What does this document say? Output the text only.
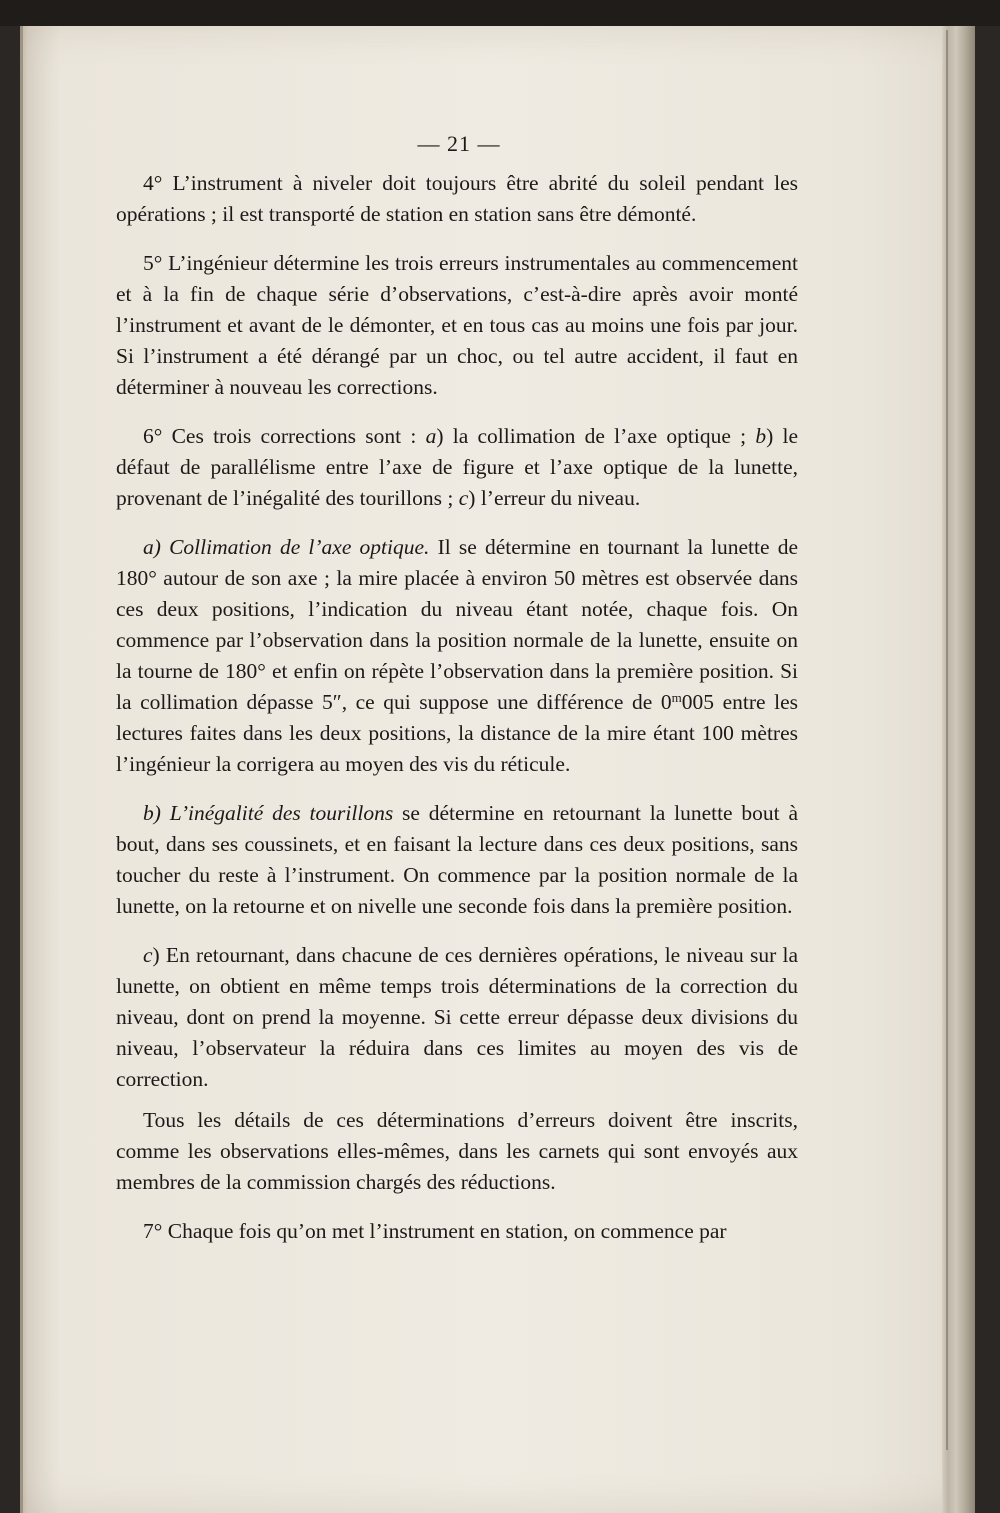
— 21 —

4° L’instrument à niveler doit toujours être abrité du soleil pendant les opérations ; il est transporté de station en station sans être démonté.

5° L’ingénieur détermine les trois erreurs instrumentales au commencement et à la fin de chaque série d’observations, c’est-à-dire après avoir monté l’instrument et avant de le démonter, et en tous cas au moins une fois par jour. Si l’instrument a été dérangé par un choc, ou tel autre accident, il faut en déterminer à nouveau les corrections.

6° Ces trois corrections sont : a) la collimation de l’axe optique ; b) le défaut de parallélisme entre l’axe de figure et l’axe optique de la lunette, provenant de l’inégalité des tourillons ; c) l’erreur du niveau.

a) Collimation de l’axe optique. Il se détermine en tournant la lunette de 180° autour de son axe ; la mire placée à environ 50 mètres est observée dans ces deux positions, l’indication du niveau étant notée, chaque fois. On commence par l’observation dans la position normale de la lunette, ensuite on la tourne de 180° et enfin on répète l’observation dans la première position. Si la collimation dépasse 5″, ce qui suppose une différence de 0$^m$005 entre les lectures faites dans les deux positions, la distance de la mire étant 100 mètres l’ingénieur la corrigera au moyen des vis du réticule.

b) L’inégalité des tourillons se détermine en retournant la lunette bout à bout, dans ses coussinets, et en faisant la lecture dans ces deux positions, sans toucher du reste à l’instrument. On commence par la position normale de la lunette, on la retourne et on nivelle une seconde fois dans la première position.

c) En retournant, dans chacune de ces dernières opérations, le niveau sur la lunette, on obtient en même temps trois déterminations de la correction du niveau, dont on prend la moyenne. Si cette erreur dépasse deux divisions du niveau, l’observateur la réduira dans ces limites au moyen des vis de correction.

Tous les détails de ces déterminations d’erreurs doivent être inscrits, comme les observations elles-mêmes, dans les carnets qui sont envoyés aux membres de la commission chargés des réductions.

7° Chaque fois qu’on met l’instrument en station, on commence par
